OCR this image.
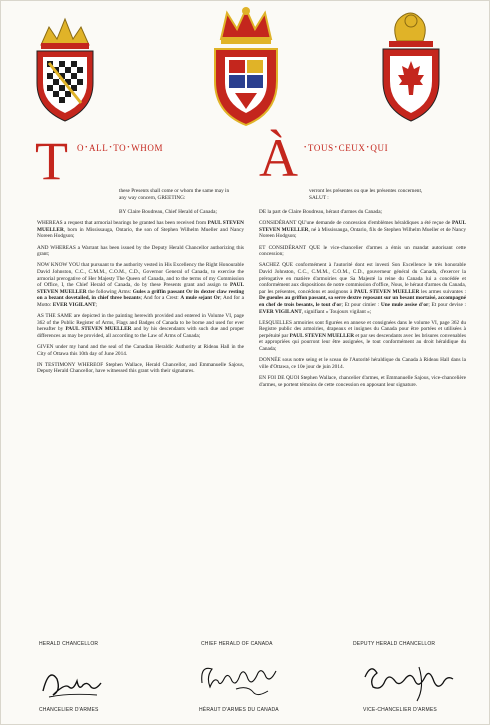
T o·all·to·whom À ·tous·ceux·qui
these Presents shall come or whom the same may in
any way concern, GREETING:
verront les présentes ou que les présentes concernent,
SALUT :

BY Claire Boudreau, Chief Herald of Canada;

WHEREAS a request that armorial bearings be granted has been received from PAUL STEVEN MUELLER, born in Mississauga, Ontario, the son of Stephen Wilhelm Mueller and Nancy Noreen Hodgson;

AND WHEREAS a Warrant has been issued by the Deputy Herald Chancellor authorizing this grant;

NOW KNOW YOU that pursuant to the authority vested in His Excellency the Right Honourable David Johnston, C.C., C.M.M., C.O.M., C.D., Governor General of Canada, to exercise the armorial prerogative of Her Majesty The Queen of Canada, and to the terms of my Commission of Office, I, the Chief Herald of Canada, do by these Presents grant and assign to PAUL STEVEN MUELLER the following Arms: Gules a griffin passant Or its dexter claw resting on a bezant dovetailed, in chief three bezants; And for a Crest: A mule sejant Or; And for a Motto: EVER VIGILANT;

AS THE SAME are depicted in the painting herewith provided and entered in Volume VI, page 362 of the Public Register of Arms, Flags and Badges of Canada to be borne and used for ever hereafter by PAUL STEVEN MUELLER and by his descendants with such due and proper differences as may be provided, all according to the Law of Arms of Canada;

GIVEN under my hand and the seal of the Canadian Heraldic Authority at Rideau Hall in the City of Ottawa this 10th day of June 2014.

IN TESTIMONY WHEREOF Stephen Wallace, Herald Chancellor, and Emmanuelle Sajous, Deputy Herald Chancellor, have witnessed this grant with their signatures.

DE la part de Claire Boudreau, héraut d'armes du Canada;

CONSIDÉRANT QU'une demande de concession d'emblèmes héraldiques a été reçue de PAUL STEVEN MUELLER, né à Mississauga, Ontario, fils de Stephen Wilhelm Mueller et de Nancy Noreen Hodgson;

ET CONSIDÉRANT QUE le vice-chancelier d'armes a émis un mandat autorisant cette concession;

SACHEZ QUE conformément à l'autorité dont est investi Son Excellence le très honorable David Johnston, C.C., C.M.M., C.O.M., C.D., gouverneur général du Canada, d'exercer la prérogative en matière d'armoiries que Sa Majesté la reine du Canada lui a concédée et conformément aux dispositions de notre commission d'office, Nous, le héraut d'armes du Canada, par les présentes, concédons et assignons à PAUL STEVEN MUELLER les armes suivantes : De gueules au griffon passant, sa serre dextre reposant sur un besant mortaisé, accompagné en chef de trois besants, le tout d'or; Et pour cimier : Une mule assise d'or; Et pour devise : EVER VIGILANT, signifiant « Toujours vigilant »;

LESQUELLES armoiries sont figurées en annexe et consignées dans le volume VI, page 362 du Registre public des armoiries, drapeaux et insignes du Canada pour être portées et utilisées à perpétuité par PAUL STEVEN MUELLER et par ses descendants avec les brisures convenables et appropriées qui pourront leur être assignées, le tout conformément au droit héraldique du Canada;

DONNÉE sous notre seing et le sceau de l'Autorité héraldique du Canada à Rideau Hall dans la ville d'Ottawa, ce 10e jour de juin 2014.

EN FOI DE QUOI Stephen Wallace, chancelier d'armes, et Emmanuelle Sajous, vice-chancelière d'armes, se portent témoins de cette concession en apposant leur signature.

HERALD CHANCELLOR
CHANCELIER D'ARMES
CHIEF HERALD OF CANADA
HÉRAUT D'ARMES DU CANADA
DEPUTY HERALD CHANCELLOR
VICE-CHANCELIER D'ARMES
